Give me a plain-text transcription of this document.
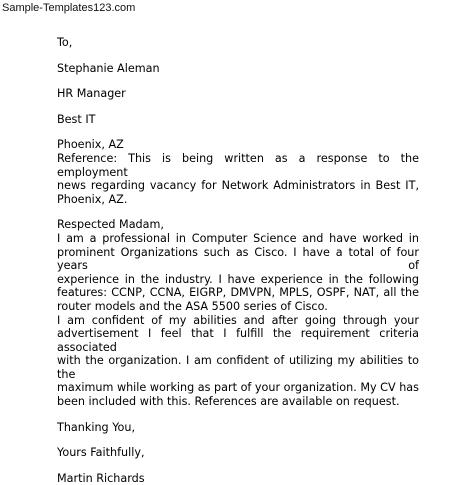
Sample-Templates123.com
To,
Stephanie Aleman
HR Manager
Best IT
Phoenix, AZ
Reference: This is being written as a response to the employment
news regarding vacancy for Network Administrators in Best IT,
Phoenix, AZ.
Respected Madam,
I am a professional in Computer Science and have worked in
prominent Organizations such as Cisco. I have a total of four years of
experience in the industry. I have experience in the following
features: CCNP, CCNA, EIGRP, DMVPN, MPLS, OSPF, NAT, all the
router models and the ASA 5500 series of Cisco.
I am confident of my abilities and after going through your
advertisement I feel that I fulfill the requirement criteria associated
with the organization. I am confident of utilizing my abilities to the
maximum while working as part of your organization. My CV has
been included with this. References are available on request.
Thanking You,
Yours Faithfully,
Martin Richards
